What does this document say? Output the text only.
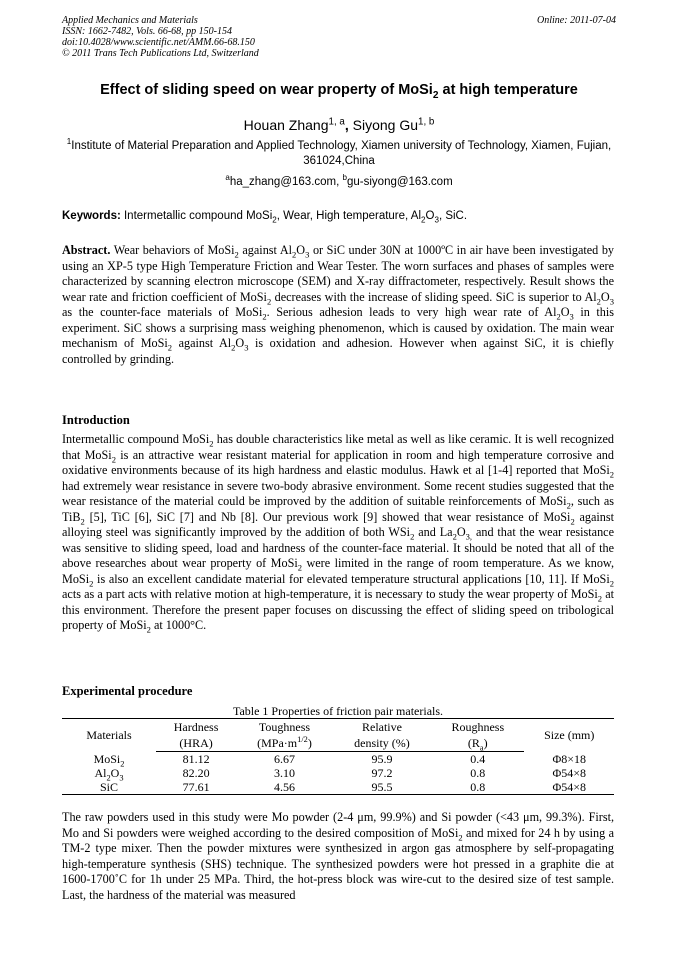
Applied Mechanics and Materials
ISSN: 1662-7482, Vols. 66-68, pp 150-154
doi:10.4028/www.scientific.net/AMM.66-68.150
© 2011 Trans Tech Publications Ltd, Switzerland
Online: 2011-07-04
Effect of sliding speed on wear property of MoSi$_2$ at high temperature
Houan Zhang$^{1, a}$, Siyong Gu$^{1, b}$
$^1$Institute of Material Preparation and Applied Technology, Xiamen university of Technology, Xiamen, Fujian, 361024,China
$^a$ha_zhang@163.com, $^b$gu-siyong@163.com
Keywords: Intermetallic compound MoSi$_2$, Wear, High temperature, $Al_2O_3$, SiC.
Abstract. Wear behaviors of MoSi$_2$ against $Al_2O_3$ or SiC under 30N at 1000ºC in air have been investigated by using an XP-5 type High Temperature Friction and Wear Tester. The worn surfaces and phases of samples were characterized by scanning electron microscope (SEM) and X-ray diffractometer, respectively. Result shows the wear rate and friction coefficient of MoSi$_2$ decreases with the increase of sliding speed. SiC is superior to $Al_2O_3$ as the counter-face materials of MoSi$_2$. Serious adhesion leads to very high wear rate of $Al_2O_3$ in this experiment. SiC shows a surprising mass weighing phenomenon, which is caused by oxidation. The main wear mechanism of MoSi$_2$ against $Al_2O_3$ is oxidation and adhesion. However when against SiC, it is chiefly controlled by grinding.
Introduction
Intermetallic compound MoSi$_2$ has double characteristics like metal as well as like ceramic. It is well recognized that MoSi$_2$ is an attractive wear resistant material for application in room and high temperature corrosive and oxidative environments because of its high hardness and elastic modulus. Hawk et al [1-4] reported that MoSi$_2$ had extremely wear resistance in severe two-body abrasive environment. Some recent studies suggested that the wear resistance of the material could be improved by the addition of suitable reinforcements of MoSi$_2$, such as TiB$_2$ [5], TiC [6], SiC [7] and Nb [8]. Our previous work [9] showed that wear resistance of MoSi$_2$ against alloying steel was significantly improved by the addition of both WSi$_2$ and $La_2O_{3,}$ and that the wear resistance was sensitive to sliding speed, load and hardness of the counter-face material. It should be noted that all of the above researches about wear property of MoSi$_2$ were limited in the range of room temperature. As we know, MoSi$_2$ is also an excellent candidate material for elevated temperature structural applications [10, 11]. If MoSi$_2$ acts as a part acts with relative motion at high-temperature, it is necessary to study the wear property of MoSi$_2$ at this environment. Therefore the present paper focuses on discussing the effect of sliding speed on tribological property of MoSi$_2$ at 1000°C.
Experimental procedure
Table 1 Properties of friction pair materials.
Materials	Hardness	Toughness	Relative	Roughness	Size (mm)
	(HRA)	$(MPa\cdot m^{1/2})$	density (%)	$(R_a)$	
MoSi$_2$	81.12	6.67	95.9	0.4	Φ8×18
$Al_2O_3$	82.20	3.10	97.2	0.8	Φ54×8
SiC	77.61	4.56	95.5	0.8	Φ54×8
The raw powders used in this study were Mo powder (2-4 μm, 99.9%) and Si powder (<43 μm, 99.3%). First, Mo and Si powders were weighed according to the desired composition of MoSi$_2$ and mixed for 24 h by using a TM-2 type mixer. Then the powder mixtures were synthesized in argon gas atmosphere by self-propagating high-temperature synthesis (SHS) technique. The synthesized powders were hot pressed in a graphite die at 1600-1700˚C for 1h under 25 MPa. Third, the hot-press block was wire-cut to the desired size of test sample. Last, the hardness of the material was measured
